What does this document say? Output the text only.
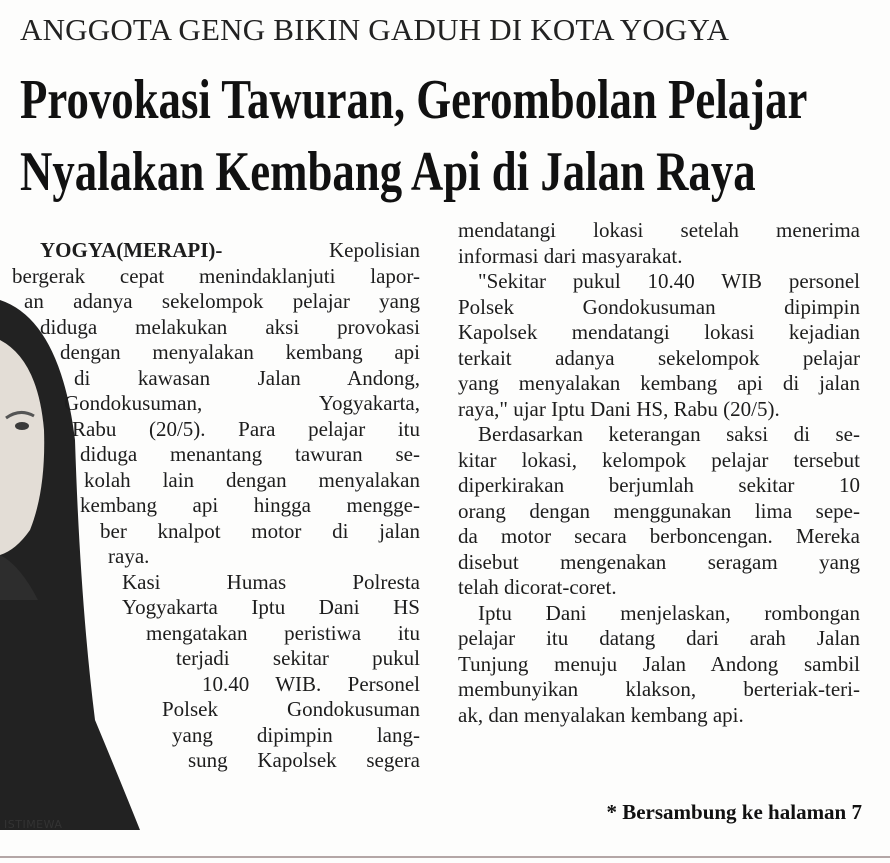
ANGGOTA GENG BIKIN GADUH DI KOTA YOGYA
Provokasi Tawuran, Gerombolan Pelajar
Nyalakan Kembang Api di Jalan Raya
ISTIMEWA
YOGYA(MERAPI)-	Kepolisian
bergerak cepat menindaklanjuti lapor-
an adanya sekelompok pelajar yang
diduga melakukan aksi provokasi
dengan menyalakan kembang api
di kawasan Jalan Andong,
Gondokusuman, Yogyakarta,
Rabu (20/5). Para pelajar itu
diduga menantang tawuran se-
kolah lain dengan menyalakan
kembang api hingga mengge-
ber knalpot motor di jalan
raya.
Kasi Humas Polresta
Yogyakarta Iptu Dani HS
mengatakan peristiwa itu
terjadi sekitar pukul
10.40 WIB. Personel
Polsek Gondokusuman
yang dipimpin lang-
sung Kapolsek segera
mendatangi lokasi setelah menerima
informasi dari masyarakat.
"Sekitar pukul 10.40 WIB personel
Polsek Gondokusuman dipimpin
Kapolsek mendatangi lokasi kejadian
terkait adanya sekelompok pelajar
yang menyalakan kembang api di jalan
raya," ujar Iptu Dani HS, Rabu (20/5).
Berdasarkan keterangan saksi di se-
kitar lokasi, kelompok pelajar tersebut
diperkirakan berjumlah sekitar 10
orang dengan menggunakan lima sepe-
da motor secara berboncengan. Mereka
disebut mengenakan seragam yang
telah dicorat-coret.
Iptu Dani menjelaskan, rombongan
pelajar itu datang dari arah Jalan
Tunjung menuju Jalan Andong sambil
membunyikan klakson, berteriak-teri-
ak, dan menyalakan kembang api.
* Bersambung ke halaman 7
